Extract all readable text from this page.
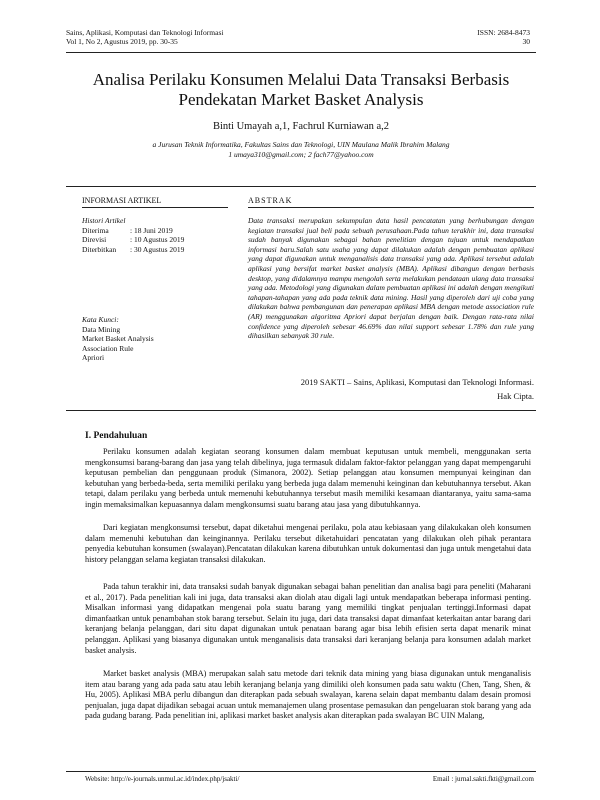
Sains, Aplikasi, Komputasi dan Teknologi Informasi
Vol 1, No 2, Agustus 2019, pp. 30-35
ISSN: 2684-8473
30
Analisa Perilaku Konsumen Melalui Data Transaksi Berbasis
Pendekatan Market Basket Analysis
Binti Umayah a,1, Fachrul Kurniawan a,2
a Jurusan Teknik Informatika, Fakultas Sains dan Teknologi, UIN Maulana Malik Ibrahim Malang
1 umaya310@gmail.com; 2 fach77@yahoo.com
INFORMASI ARTIKEL	ABSTRAK
Histori Artikel
Diterima	: 18 Juni 2019
Direvisi	: 10 Agustus 2019
Diterbitkan	: 30 Agustus 2019
Kata Kunci:
Data Mining
Market Basket Analysis
Association Rule
Apriori
Data transaksi merupakan sekumpulan data hasil pencatatan yang berhubungan dengan kegiatan transaksi jual beli pada sebuah perusahaan.Pada tahun terakhir ini, data transaksi sudah banyak digunakan sebagai bahan penelitian dengan tujuan untuk mendapatkan informasi baru.Salah satu usaha yang dapat dilakukan adalah dengan pembuatan aplikasi yang dapat digunakan untuk menganalisis data transaksi yang ada. Aplikasi tersebut adalah aplikasi yang bersifat market basket analysis (MBA). Aplikasi dibangun dengan berbasis desktop, yang didalamnya mampu mengolah serta melakukan pendataan ulang data transaksi yang ada. Metodologi yang digunakan dalam pembuatan aplikasi ini adalah dengan mengikuti tahapan-tahapan yang ada pada teknik data mining. Hasil yang diperoleh dari uji coba yang dilakukan bahwa pembangunan dan penerapan aplikasi MBA dengan metode association rule (AR) menggunakan algoritma Apriori dapat berjalan dengan baik. Dengan rata-rata nilai confidence yang diperoleh sebesar 46.69% dan nilai support sebesar 1.78% dan rule yang dihasilkan sebanyak 30 rule.
2019 SAKTI – Sains, Aplikasi, Komputasi dan Teknologi Informasi.
Hak Cipta.
I. Pendahuluan

Perilaku konsumen adalah kegiatan seorang konsumen dalam membuat keputusan untuk membeli, menggunakan serta mengkonsumsi barang-barang dan jasa yang telah dibelinya, juga termasuk didalam faktor-faktor pelanggan yang dapat mempengaruhi keputusan pembelian dan penggunaan produk (Simanora, 2002). Setiap pelanggan atau konsumen mempunyai keinginan dan kebutuhan yang berbeda-beda, serta memiliki perilaku yang berbeda juga dalam memenuhi keinginan dan kebutuhannya tersebut. Akan tetapi, dalam perilaku yang berbeda untuk memenuhi kebutuhannya tersebut masih memiliki kesamaan diantaranya, yaitu sama-sama ingin memaksimalkan kepuasannya dalam mengkonsumsi suatu barang atau jasa yang dibutuhkannya.

Dari kegiatan mengkonsumsi tersebut, dapat diketahui mengenai perilaku, pola atau kebiasaan yang dilakukakan oleh konsumen dalam memenuhi kebutuhan dan keinginannya. Perilaku tersebut diketahuidari pencatatan yang dilakukan oleh pihak perantara penyedia kebutuhan konsumen (swalayan).Pencatatan dilakukan karena dibutuhkan untuk dokumentasi dan juga untuk mengetahui data history pelanggan selama kegiatan transaksi dilakukan.

Pada tahun terakhir ini, data transaksi sudah banyak digunakan sebagai bahan penelitian dan analisa bagi para peneliti (Maharani et al., 2017). Pada penelitian kali ini juga, data transaksi akan diolah atau digali lagi untuk mendapatkan beberapa informasi penting. Misalkan informasi yang didapatkan mengenai pola suatu barang yang memiliki tingkat penjualan tertinggi.Informasi dapat dimanfaatkan untuk penambahan stok barang tersebut. Selain itu juga, dari data transaksi dapat dimanfaat keterkaitan antar barang dari keranjang belanja pelanggan, dari situ dapat digunakan untuk penataan barang agar bisa lebih efisien serta dapat menarik minat pelanggan. Aplikasi yang biasanya digunakan untuk menganalisis data transaksi dari keranjang belanja para konsumen adalah market basket analysis.

Market basket analysis (MBA) merupakan salah satu metode dari teknik data mining yang biasa digunakan untuk menganalisis item atau barang yang ada pada satu atau lebih keranjang belanja yang dimiliki oleh konsumen pada satu waktu (Chen, Tang, Shen, & Hu, 2005). Aplikasi MBA perlu dibangun dan diterapkan pada sebuah swalayan, karena selain dapat membantu dalam desain promosi penjualan, juga dapat dijadikan sebagai acuan untuk memanajemen ulang prosentase pemasukan dan pengeluaran stok barang yang ada pada gudang barang. Pada penelitian ini, aplikasi market basket analysis akan diterapkan pada swalayan BC UIN Malang,

Website: http://e-journals.unmul.ac.id/index.php/jsakti/	Email : jurnal.sakti.fkti@gmail.com
